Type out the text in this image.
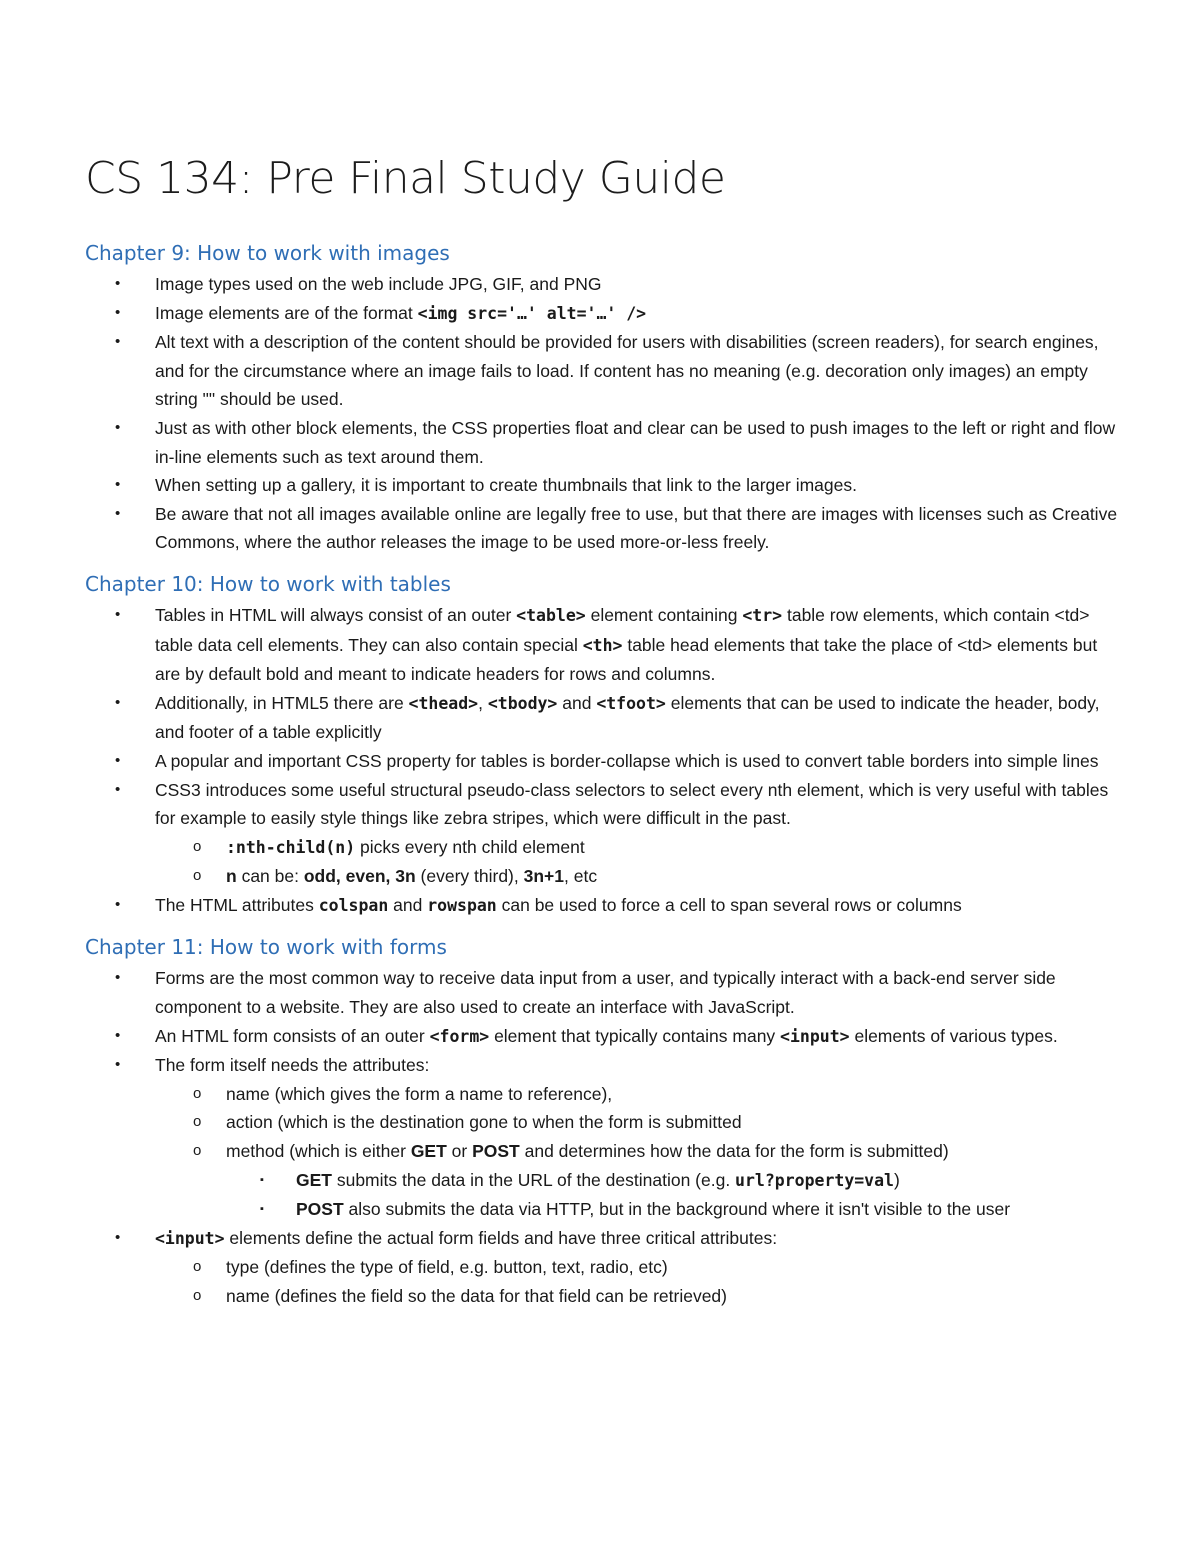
CS 134: Pre Final Study Guide
Chapter 9: How to work with images
• Image types used on the web include JPG, GIF, and PNG
• Image elements are of the format <img src='…' alt='…' />
• Alt text with a description of the content should be provided for users with disabilities (screen readers), for search engines, and for the circumstance where an image fails to load. If content has no meaning (e.g. decoration only images) an empty string "" should be used.
• Just as with other block elements, the CSS properties float and clear can be used to push images to the left or right and flow in-line elements such as text around them.
• When setting up a gallery, it is important to create thumbnails that link to the larger images.
• Be aware that not all images available online are legally free to use, but that there are images with licenses such as Creative Commons, where the author releases the image to be used more-or-less freely.
Chapter 10: How to work with tables
• Tables in HTML will always consist of an outer <table> element containing <tr> table row elements, which contain <td> table data cell elements. They can also contain special <th> table head elements that take the place of <td> elements but are by default bold and meant to indicate headers for rows and columns.
• Additionally, in HTML5 there are <thead>, <tbody> and <tfoot> elements that can be used to indicate the header, body, and footer of a table explicitly
• A popular and important CSS property for tables is border-collapse which is used to convert table borders into simple lines
• CSS3 introduces some useful structural pseudo-class selectors to select every nth element, which is very useful with tables for example to easily style things like zebra stripes, which were difficult in the past.
o :nth-child(n) picks every nth child element
o n can be: odd, even, 3n (every third), 3n+1, etc
• The HTML attributes colspan and rowspan can be used to force a cell to span several rows or columns
Chapter 11: How to work with forms
• Forms are the most common way to receive data input from a user, and typically interact with a back-end server side component to a website. They are also used to create an interface with JavaScript.
• An HTML form consists of an outer <form> element that typically contains many <input> elements of various types.
• The form itself needs the attributes:
o name (which gives the form a name to reference),
o action (which is the destination gone to when the form is submitted
o method (which is either GET or POST and determines how the data for the form is submitted)
▪ GET submits the data in the URL of the destination (e.g. url?property=val)
▪ POST also submits the data via HTTP, but in the background where it isn't visible to the user
• <input> elements define the actual form fields and have three critical attributes:
o type (defines the type of field, e.g. button, text, radio, etc)
o name (defines the field so the data for that field can be retrieved)
